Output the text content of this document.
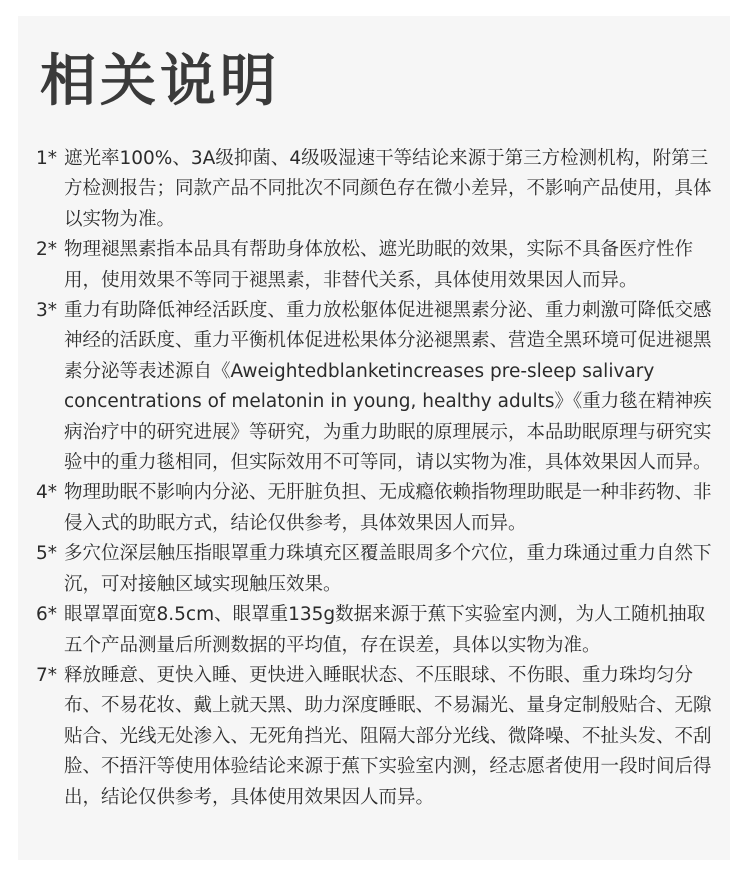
相关说明
1* 遮光率100%、3A级抑菌、4级吸湿速干等结论来源于第三方检测机构，附第三方检测报告；同款产品不同批次不同颜色存在微小差异，不影响产品使用，具体以实物为准。
2* 物理褪黑素指本品具有帮助身体放松、遮光助眠的效果，实际不具备医疗性作用，使用效果不等同于褪黑素，非替代关系，具体使用效果因人而异。
3* 重力有助降低神经活跃度、重力放松躯体促进褪黑素分泌、重力刺激可降低交感神经的活跃度、重力平衡机体促进松果体分泌褪黑素、营造全黑环境可促进褪黑素分泌等表述源自《Aweightedblanketincreases pre-sleep salivary concentrations of melatonin in young, healthy adults》《重力毯在精神疾病治疗中的研究进展》等研究，为重力助眠的原理展示，本品助眠原理与研究实验中的重力毯相同，但实际效用不可等同，请以实物为准，具体效果因人而异。
4* 物理助眠不影响内分泌、无肝脏负担、无成瘾依赖指物理助眠是一种非药物、非侵入式的助眠方式，结论仅供参考，具体效果因人而异。
5* 多穴位深层触压指眼罩重力珠填充区覆盖眼周多个穴位，重力珠通过重力自然下沉，可对接触区域实现触压效果。
6* 眼罩罩面宽8.5cm、眼罩重135g数据来源于蕉下实验室内测，为人工随机抽取五个产品测量后所测数据的平均值，存在误差，具体以实物为准。
7* 释放睡意、更快入睡、更快进入睡眠状态、不压眼球、不伤眼、重力珠均匀分布、不易花妆、戴上就天黑、助力深度睡眠、不易漏光、量身定制般贴合、无隙贴合、光线无处渗入、无死角挡光、阻隔大部分光线、微降噪、不扯头发、不刮脸、不捂汗等使用体验结论来源于蕉下实验室内测，经志愿者使用一段时间后得出，结论仅供参考，具体使用效果因人而异。
